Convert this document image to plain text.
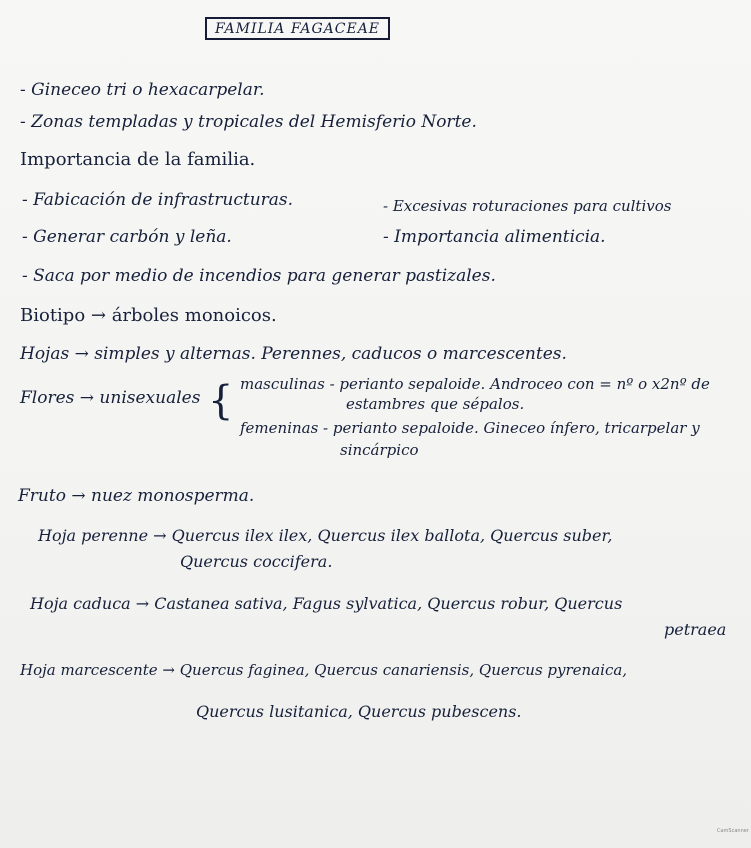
FAMILIA FAGACEAE
- Gineceo tri o hexacarpelar.
- Zonas templadas y tropicales del Hemisferio Norte.
Importancia de la familia.
- Fabicación de infrastructuras.	- Excesivas roturaciones para cultivos
- Generar carbón y leña.	- Importancia alimenticia.
- Saca por medio de incendios para generar pastizales.
Biotipo → árboles monoicos.
Hojas → simples y alternas. Perennes, caducos o marcescentes.
Flores → unisexuales { masculinas - perianto sepaloide. Androceo con = nº o x2nº de
estambres que sépalos.
femeninas - perianto sepaloide. Gineceo ínfero, tricarpelar y
sincárpico
Fruto → nuez monosperma.
Hoja perenne → Quercus ilex ilex, Quercus ilex ballota, Quercus suber,
Quercus coccifera.
Hoja caduca → Castanea sativa, Fagus sylvatica, Quercus robur, Quercus
petraea
Hoja marcescente → Quercus faginea, Quercus canariensis, Quercus pyrenaica,
Quercus lusitanica, Quercus pubescens.
CamScanner
